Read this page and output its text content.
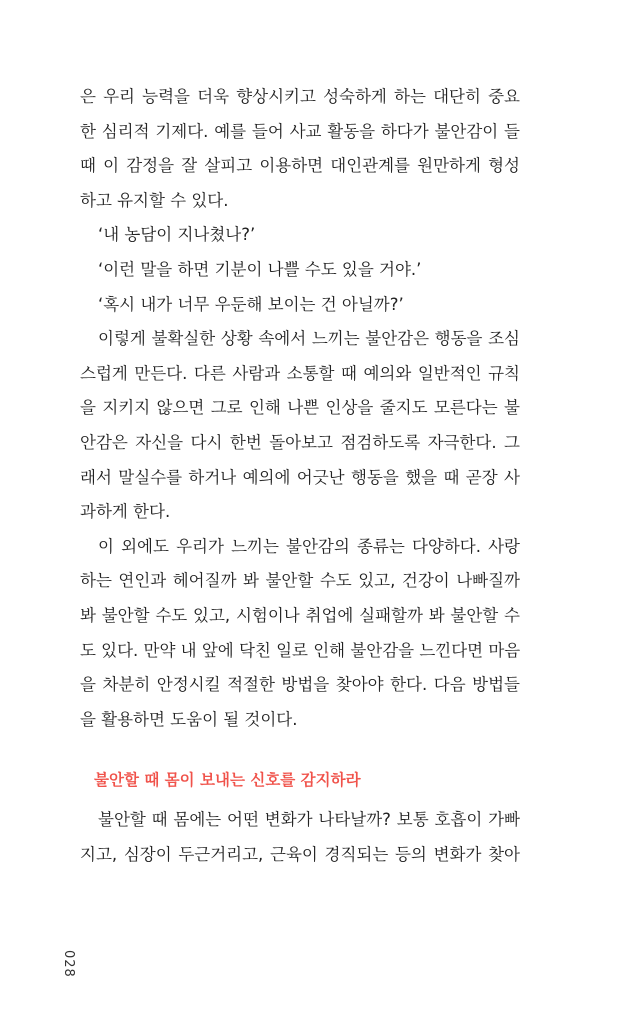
은 우리 능력을 더욱 향상시키고 성숙하게 하는 대단히 중요
한 심리적 기제다. 예를 들어 사교 활동을 하다가 불안감이 들
때 이 감정을 잘 살피고 이용하면 대인관계를 원만하게 형성
하고 유지할 수 있다.
‘내 농담이 지나쳤나?’
‘이런 말을 하면 기분이 나쁠 수도 있을 거야.’
‘혹시 내가 너무 우둔해 보이는 건 아닐까?’
이렇게 불확실한 상황 속에서 느끼는 불안감은 행동을 조심
스럽게 만든다. 다른 사람과 소통할 때 예의와 일반적인 규칙
을 지키지 않으면 그로 인해 나쁜 인상을 줄지도 모른다는 불
안감은 자신을 다시 한번 돌아보고 점검하도록 자극한다. 그
래서 말실수를 하거나 예의에 어긋난 행동을 했을 때 곧장 사
과하게 한다.
이 외에도 우리가 느끼는 불안감의 종류는 다양하다. 사랑
하는 연인과 헤어질까 봐 불안할 수도 있고, 건강이 나빠질까
봐 불안할 수도 있고, 시험이나 취업에 실패할까 봐 불안할 수
도 있다. 만약 내 앞에 닥친 일로 인해 불안감을 느낀다면 마음
을 차분히 안정시킬 적절한 방법을 찾아야 한다. 다음 방법들
을 활용하면 도움이 될 것이다.
불안할 때 몸이 보내는 신호를 감지하라
불안할 때 몸에는 어떤 변화가 나타날까? 보통 호흡이 가빠
지고, 심장이 두근거리고, 근육이 경직되는 등의 변화가 찾아
028
